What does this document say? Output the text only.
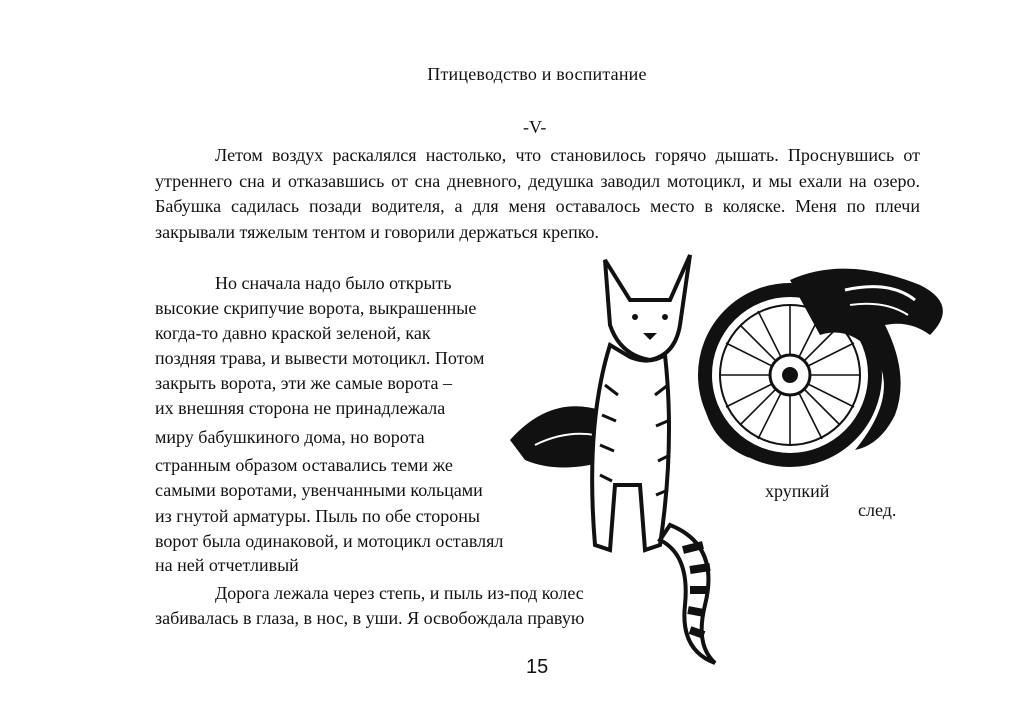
Птицеводство и воспитание
-V-
Летом воздух раскалялся настолько, что становилось горячо дышать. Проснувшись от утреннего сна и отказавшись от сна дневного, дедушка заводил мотоцикл, и мы ехали на озеро. Бабушка садилась позади водителя, а для меня оставалось место в коляске. Меня по плечи закрывали тяжелым тентом и говорили держаться крепко.
Но сначала надо было открыть
высокие скрипучие ворота, выкрашенные
когда-то давно краской зеленой, как
поздняя трава, и вывести мотоцикл. Потом
закрыть ворота, эти же самые ворота –
их внешняя сторона не принадлежала
миру бабушкиного дома, но ворота
странным образом оставались теми же
самыми воротами, увенчанными кольцами
из гнутой арматуры. Пыль по обе стороны
ворот была одинаковой, и мотоцикл оставлял
на ней отчетливый
Дорога лежала через степь, и пыль из-под колес
забивалась в глаза, в нос, в уши. Я освобождала правую
хрупкий
след.
15
